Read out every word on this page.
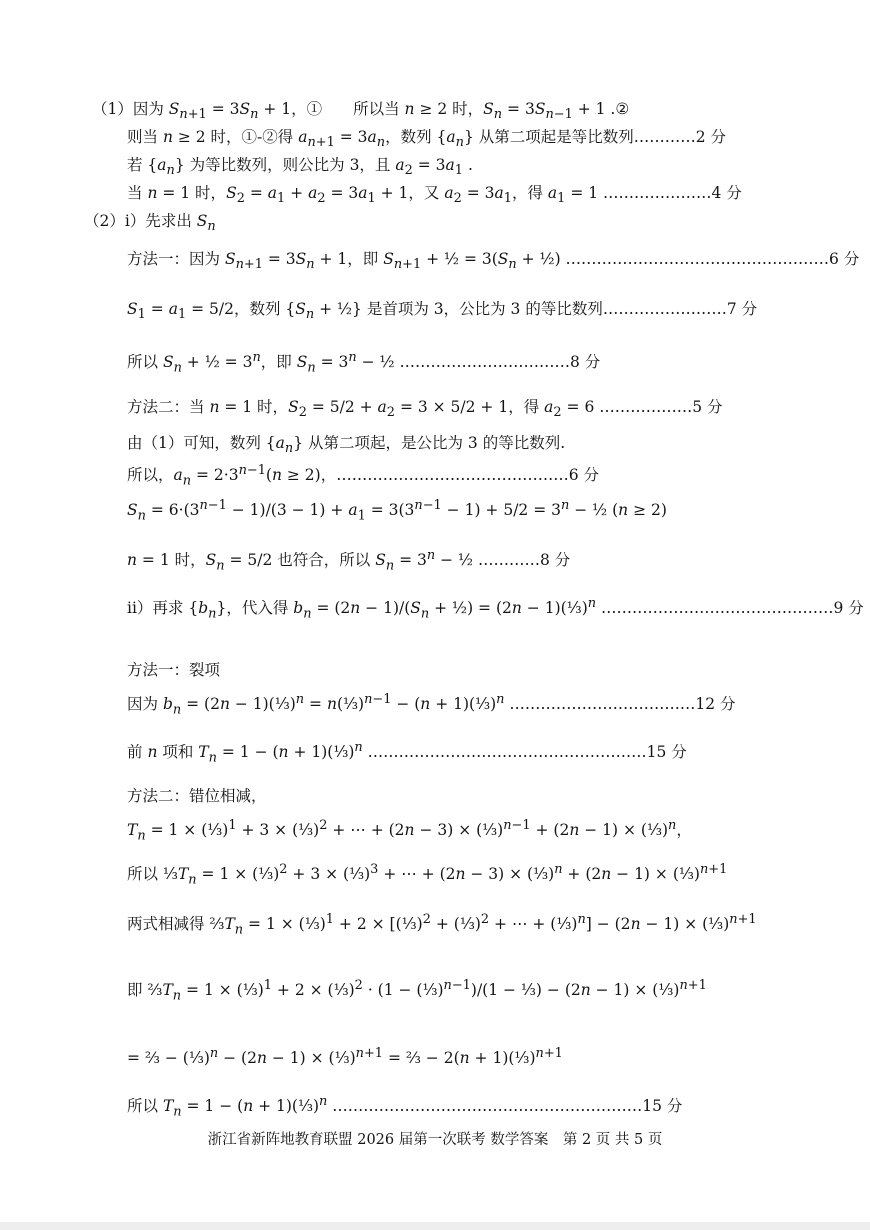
（1）因为 $S_{n+1} = 3S_n + 1$，①　　所以当 n ≥ 2 时，$S_n = 3S_{n-1} + 1$ .②
则当 n ≥ 2 时，①-②得 $a_{n+1} = 3a_n$，数列 $\{a_n\}$ 从第二项起是等比数列…………2 分
若 $\{a_n\}$ 为等比数列，则公比为 3，且 $a_2 = 3a_1$ .
当 n = 1 时，$S_2 = a_1 + a_2 = 3a_1 + 1$，又 $a_2 = 3a_1$，得 $a_1 = 1$ …………………4 分
（2）i）先求出 $S_n$
方法一：因为 $S_{n+1} = 3S_n + 1$，即 $S_{n+1}$ + ½ = $3(S_n$ + ½) ……………………………………………6 分
$S_1 = a_1 = 5/2$，数列 {$S_n$ + ½} 是首项为 3，公比为 3 的等比数列……………………7 分
所以 $S_n$ + ½ = $3^n$，即 $S_n = 3^n$ − ½ ……………………………8 分
方法二：当 n = 1 时，$S_2 = 5/2 + a_2 = 3 \times 5/2 + 1$，得 $a_2 = 6$ ………………5 分
由（1）可知，数列 $\{a_n\}$ 从第二项起，是公比为 3 的等比数列.
所以，$a_n = 2\cdot 3^{n-1}(n \ge 2)$，………………………………………6 分
$S_n = 6\cdot(3^{n-1} - 1)/(3 - 1) + a_1 = 3(3^{n-1} - 1) + 5/2 = 3^n$ − ½ (n ≥ 2)
n = 1 时，$S_n = 5/2$ 也符合，所以 $S_n = 3^n$ − ½ …………8 分
ii）再求 $\{b_n\}$，代入得 $b_n = (2n - 1)/(S_n$ + ½) = (2n − 1)(⅓)$^n$ ………………………………………9 分
方法一：裂项
因为 $b_n = (2n$ − 1)(⅓)$^n$ = n(⅓)$^{n-1}$ − (n + 1)(⅓)$^n$ ………………………………12 分
前 n 项和 $T_n = 1 - (n$ + 1)(⅓)$^n$ ………………………………………………15 分
方法二：错位相减，
$T_n = 1$ × (⅓)$^1$ + 3 × (⅓)$^2$ + ⋯ + (2n − 3) × (⅓)$^{n-1}$ + (2n − 1) × (⅓)$^n$，
所以 $\frac{1}{3}T_n = 1$ × (⅓)$^2$ + 3 × (⅓)$^3$ + ⋯ + (2n − 3) × (⅓)$^n$ + (2n − 1) × (⅓)$^{n+1}$
两式相减得 $\frac{2}{3}T_n = 1$ × (⅓)$^1$ + 2 × [(⅓)$^2$ + (⅓)$^2$ + ⋯ + (⅓)$^n$] − (2n − 1) × (⅓)$^{n+1}$
即 $\frac{2}{3}T_n = 1$ × (⅓)$^1$ + 2 × (⅓)$^2$ · (1 − (⅓)$^{n-1}$)/(1 − ⅓) − (2n − 1) × (⅓)$^{n+1}$
= ⅔ − (⅓)$^n$ − (2n − 1) × (⅓)$^{n+1}$ = ⅔ − 2(n + 1)(⅓)$^{n+1}$
所以 $T_n = 1 - (n$ + 1)(⅓)$^n$ ……………………………………………………15 分
浙江省新阵地教育联盟 2026 届第一次联考 数学答案　第 2 页 共 5 页
